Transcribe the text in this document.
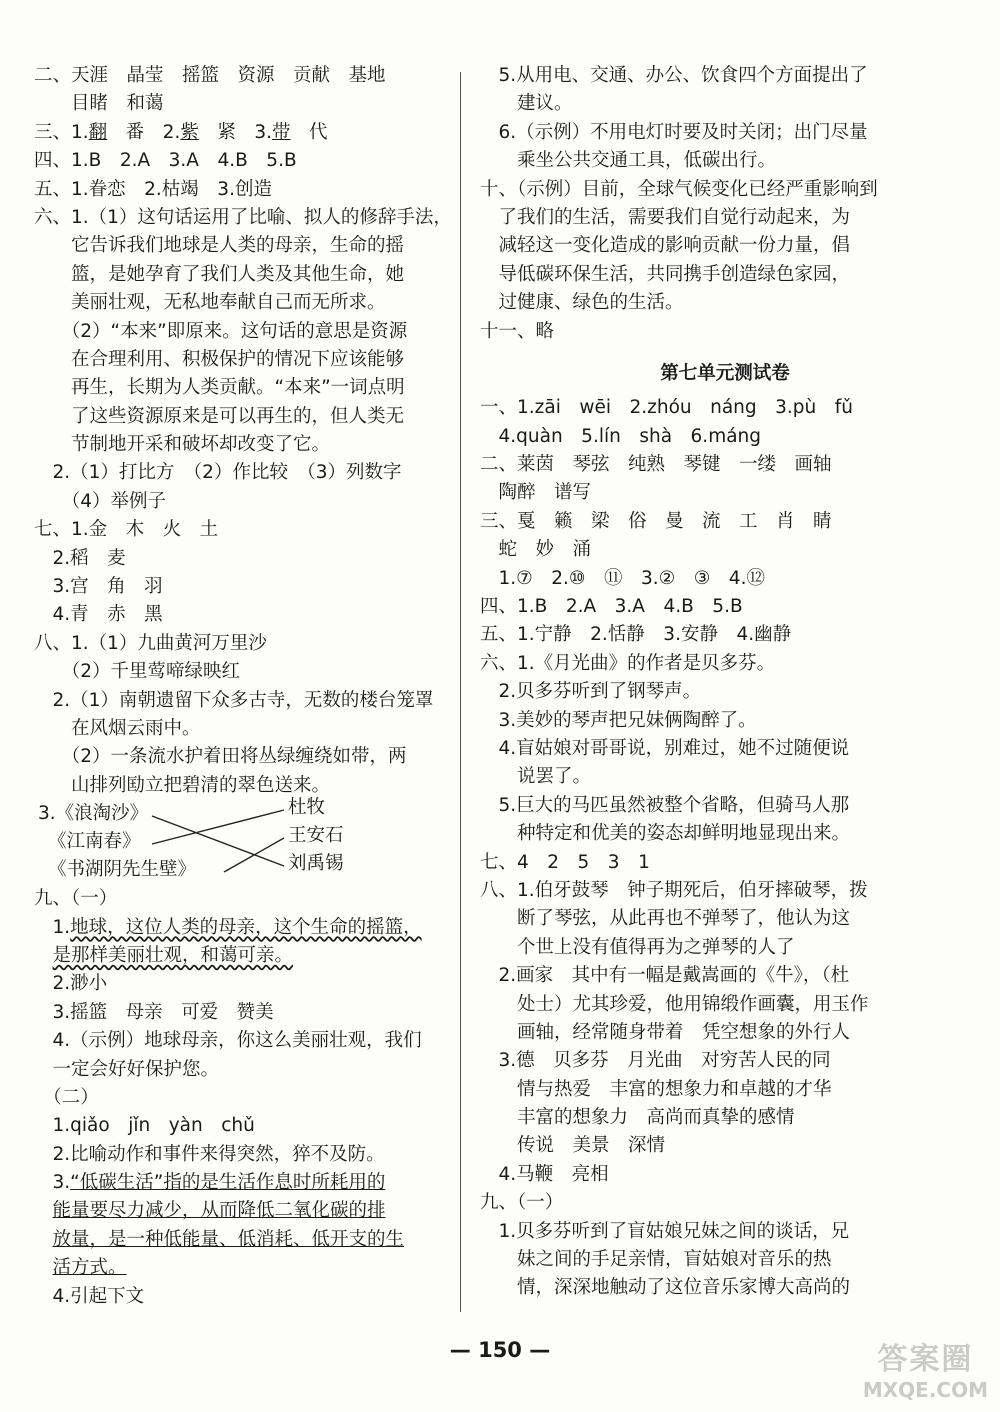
二、天涯　晶莹　摇篮　资源　贡献　基地
　　目睹　和蔼
三、1.翻　番　2.紫　紧　3.带　代
四、1.B　2.A　3.A　4.B　5.B
五、1.眷恋　2.枯竭　3.创造
六、1.（1）这句话运用了比喻、拟人的修辞手法，
　　它告诉我们地球是人类的母亲，生命的摇
　　篮，是她孕育了我们人类及其他生命，她
　　美丽壮观，无私地奉献自己而无所求。
　　（2）“本来”即原来。这句话的意思是资源
　　在合理利用、积极保护的情况下应该能够
　　再生，长期为人类贡献。“本来”一词点明
　　了这些资源原来是可以再生的，但人类无
　　节制地开采和破坏却改变了它。
　2.（1）打比方　（2）作比较　（3）列数字
　　（4）举例子
七、1.金　木　火　土
　2.稻　麦
　3.宫　角　羽
　4.青　赤　黑
八、1.（1）九曲黄河万里沙
　　（2）千里莺啼绿映红
　2.（1）南朝遗留下众多古寺，无数的楼台笼罩
　　在风烟云雨中。
　　（2）一条流水护着田将丛绿缠绕如带，两
　　山排列劻立把碧清的翠色送来。
3.《浪淘沙》
《江南春》
《书湖阴先生壁》
杜牧
王安石
刘禹锡
九、（一）
　1.地球，这位人类的母亲，这个生命的摇篮，
　是那样美丽壮观，和蔼可亲。
　2.渺小
　3.摇篮　母亲　可爱　赞美
　4.（示例）地球母亲，你这么美丽壮观，我们
　一定会好好保护您。
　（二）
　1.qiǎo　jǐn　yàn　chǔ
　2.比喻动作和事件来得突然，猝不及防。
　3.“低碳生活”指的是生活作息时所耗用的
　能量要尽力减少，从而降低二氧化碳的排
　放量，是一种低能量、低消耗、低开支的生
　活方式。
　4.引起下文
　5.从用电、交通、办公、饮食四个方面提出了
　　建议。
　6.（示例）不用电灯时要及时关闭；出门尽量
　　乘坐公共交通工具，低碳出行。
十、（示例）目前，全球气候变化已经严重影响到
　了我们的生活，需要我们自觉行动起来，为
　减轻这一变化造成的影响贡献一份力量，倡
　导低碳环保生活，共同携手创造绿色家园，
　过健康、绿色的生活。
十一、略
第七单元测试卷
一、1.zāi　wēi　2.zhóu　náng　3.pù　fǔ
　4.quàn　5.lín　shà　6.máng
二、莱茵　琴弦　纯熟　琴键　一缕　画轴
　陶醉　谱写
三、戛　籁　梁　俗　曼　流　工　肖　睛
　蛇　妙　涌
　1.⑦　2.⑩　⑪　3.②　③　4.⑫
四、1.B　2.A　3.A　4.B　5.B
五、1.宁静　2.恬静　3.安静　4.幽静
六、1.《月光曲》的作者是贝多芬。
　2.贝多芬听到了钢琴声。
　3.美妙的琴声把兄妹俩陶醉了。
　4.盲姑娘对哥哥说，别难过，她不过随便说
　　说罢了。
　5.巨大的马匹虽然被整个省略，但骑马人那
　　种特定和优美的姿态却鲜明地显现出来。
七、4　2　5　3　1
八、1.伯牙鼓琴　钟子期死后，伯牙摔破琴，拨
　　断了琴弦，从此再也不弹琴了，他认为这
　　个世上没有值得再为之弹琴的人了
　2.画家　其中有一幅是戴嵩画的《牛》，（杜
　　处士）尤其珍爱，他用锦缎作画囊，用玉作
　　画轴，经常随身带着　凭空想象的外行人
　3.德　贝多芬　月光曲　对穷苦人民的同
　　情与热爱　丰富的想象力和卓越的才华
　　丰富的想象力　高尚而真挚的感情
　　传说　美景　深情
　4.马鞭　亮相
九、（一）
　1.贝多芬听到了盲姑娘兄妹之间的谈话，兄
　　妹之间的手足亲情，盲姑娘对音乐的热
　　情，深深地触动了这位音乐家博大高尚的
— 150 —	答案圈
MXQE.COM
